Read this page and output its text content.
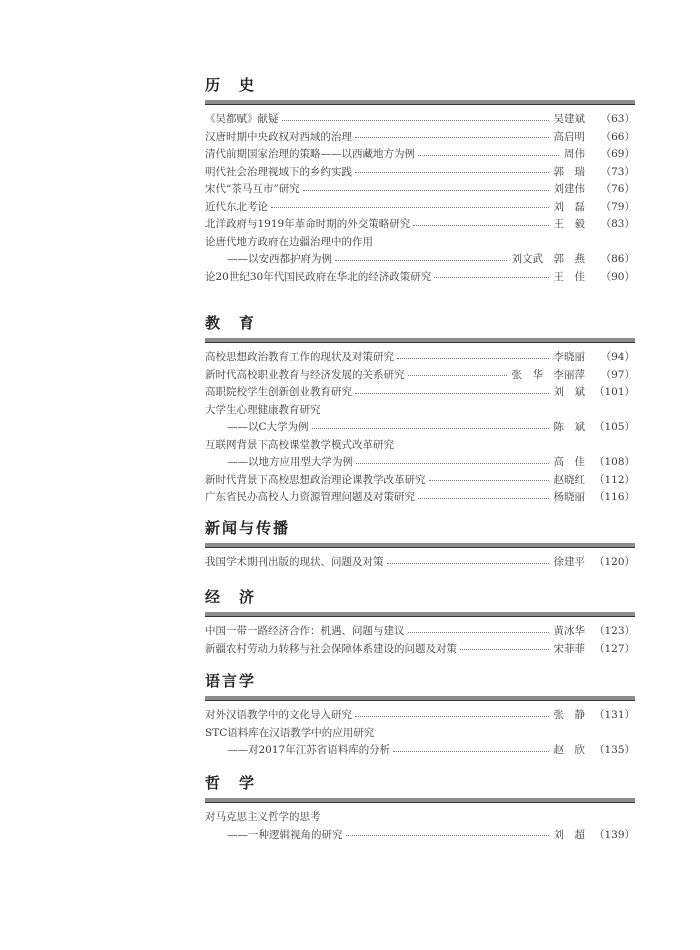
历　史
《吴都赋》献疑	吴建斌	（63）
汉唐时期中央政权对西域的治理	高启明	（66）
清代前期国家治理的策略——以西藏地方为例	周伟	（69）
明代社会治理视域下的乡约实践	郭　瑞	（73）
宋代“茶马互市”研究	刘建伟	（76）
近代东北考论	刘　磊	（79）
北洋政府与1919年革命时期的外交策略研究	王　毅	（83）
论唐代地方政府在边疆治理中的作用
——以安西都护府为例	刘文武　郭　燕	（86）
论20世纪30年代国民政府在华北的经济政策研究	王　佳	（90）
教　育
高校思想政治教育工作的现状及对策研究	李晓丽	（94）
新时代高校职业教育与经济发展的关系研究	张　华　李丽萍	（97）
高职院校学生创新创业教育研究	刘　斌 （101）
大学生心理健康教育研究
——以C大学为例	陈　斌 （105）
互联网背景下高校课堂教学模式改革研究
——以地方应用型大学为例	高　佳 （108）
新时代背景下高校思想政治理论课教学改革研究	赵晓红 （112）
广东省民办高校人力资源管理问题及对策研究	杨晓丽 （116）
新闻与传播
我国学术期刊出版的现状、问题及对策	徐建平 （120）
经　济
中国一带一路经济合作：机遇、问题与建议	黄冰华 （123）
新疆农村劳动力转移与社会保障体系建设的问题及对策	宋菲菲 （127）
语言学
对外汉语教学中的文化导入研究	张　静 （131）
STC语料库在汉语教学中的应用研究
——对2017年江苏省语料库的分析	赵　欣 （135）
哲　学
对马克思主义哲学的思考
——一种逻辑视角的研究	刘　超 （139）
